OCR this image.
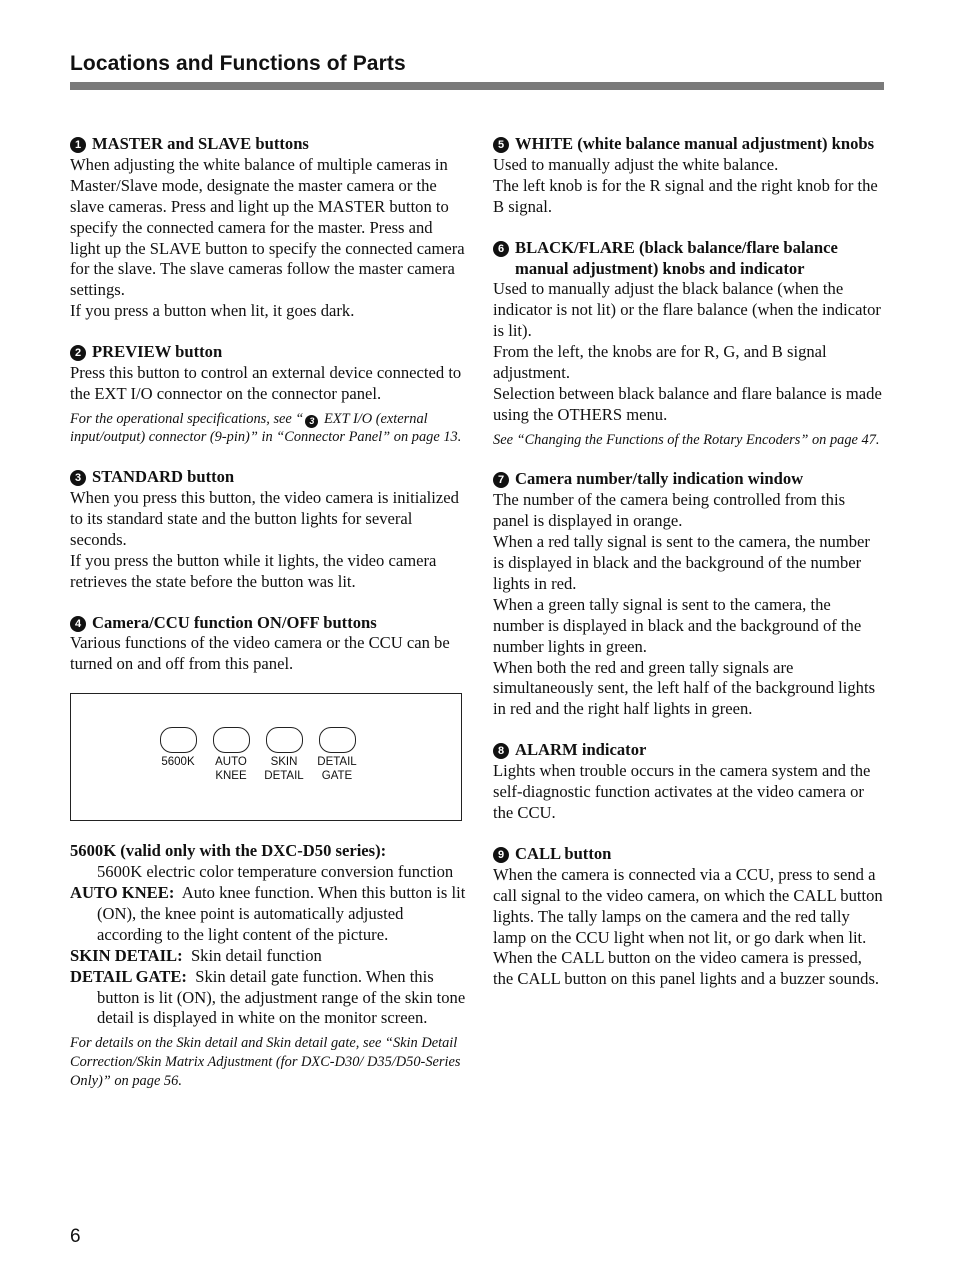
Locations and Functions of Parts
1 MASTER and SLAVE buttons

When adjusting the white balance of multiple cameras in Master/Slave mode, designate the master camera or the slave cameras. Press and light up the MASTER button to specify the connected camera for the master. Press and light up the SLAVE button to specify the connected camera for the slave. The slave cameras follow the master camera settings.

If you press a button when lit, it goes dark.

2 PREVIEW button

Press this button to control an external device connected to the EXT I/O connector on the connector panel.

For the operational specifications, see “ 3 EXT I/O (external input/output) connector (9-pin)” in “Connector Panel” on page 13.
3 STANDARD button

When you press this button, the video camera is initialized to its standard state and the button lights for several seconds.

If you press the button while it lights, the video camera retrieves the state before the button was lit.

4 Camera/CCU function ON/OFF buttons

Various functions of the video camera or the CCU can be turned on and off from this panel.

5600K	AUTO
KNEE
SKIN
DETAIL
DETAIL
GATE
5600K (valid only with the DXC-D50 series):
5600K electric color temperature conversion function
AUTO KNEE: Auto knee function. When this button is lit (ON), the knee point is automatically adjusted according to the light content of the picture.
SKIN DETAIL: Skin detail function
DETAIL GATE: Skin detail gate function. When this button is lit (ON), the adjustment range of the skin tone detail is displayed in white on the monitor screen.
For details on the Skin detail and Skin detail gate, see “Skin Detail Correction/Skin Matrix Adjustment (for DXC-D30/ D35/D50-Series Only)” on page 56.
5 WHITE (white balance manual adjustment) knobs

Used to manually adjust the white balance.

The left knob is for the R signal and the right knob for the B signal.

6 BLACK/FLARE (black balance/flare balance manual adjustment) knobs and indicator

Used to manually adjust the black balance (when the indicator is not lit) or the flare balance (when the indicator is lit).

From the left, the knobs are for R, G, and B signal adjustment.

Selection between black balance and flare balance is made using the OTHERS menu.

See “Changing the Functions of the Rotary Encoders” on page 47.
7 Camera number/tally indication window

The number of the camera being controlled from this panel is displayed in orange.

When a red tally signal is sent to the camera, the number is displayed in black and the background of the number lights in red.

When a green tally signal is sent to the camera, the number is displayed in black and the background of the number lights in green.

When both the red and green tally signals are simultaneously sent, the left half of the background lights in red and the right half lights in green.

8 ALARM indicator

Lights when trouble occurs in the camera system and the self-diagnostic function activates at the video camera or the CCU.

9 CALL button

When the camera is connected via a CCU, press to send a call signal to the video camera, on which the CALL button lights. The tally lamps on the camera and the red tally lamp on the CCU light when not lit, or go dark when lit.

When the CALL button on the video camera is pressed, the CALL button on this panel lights and a buzzer sounds.

6
